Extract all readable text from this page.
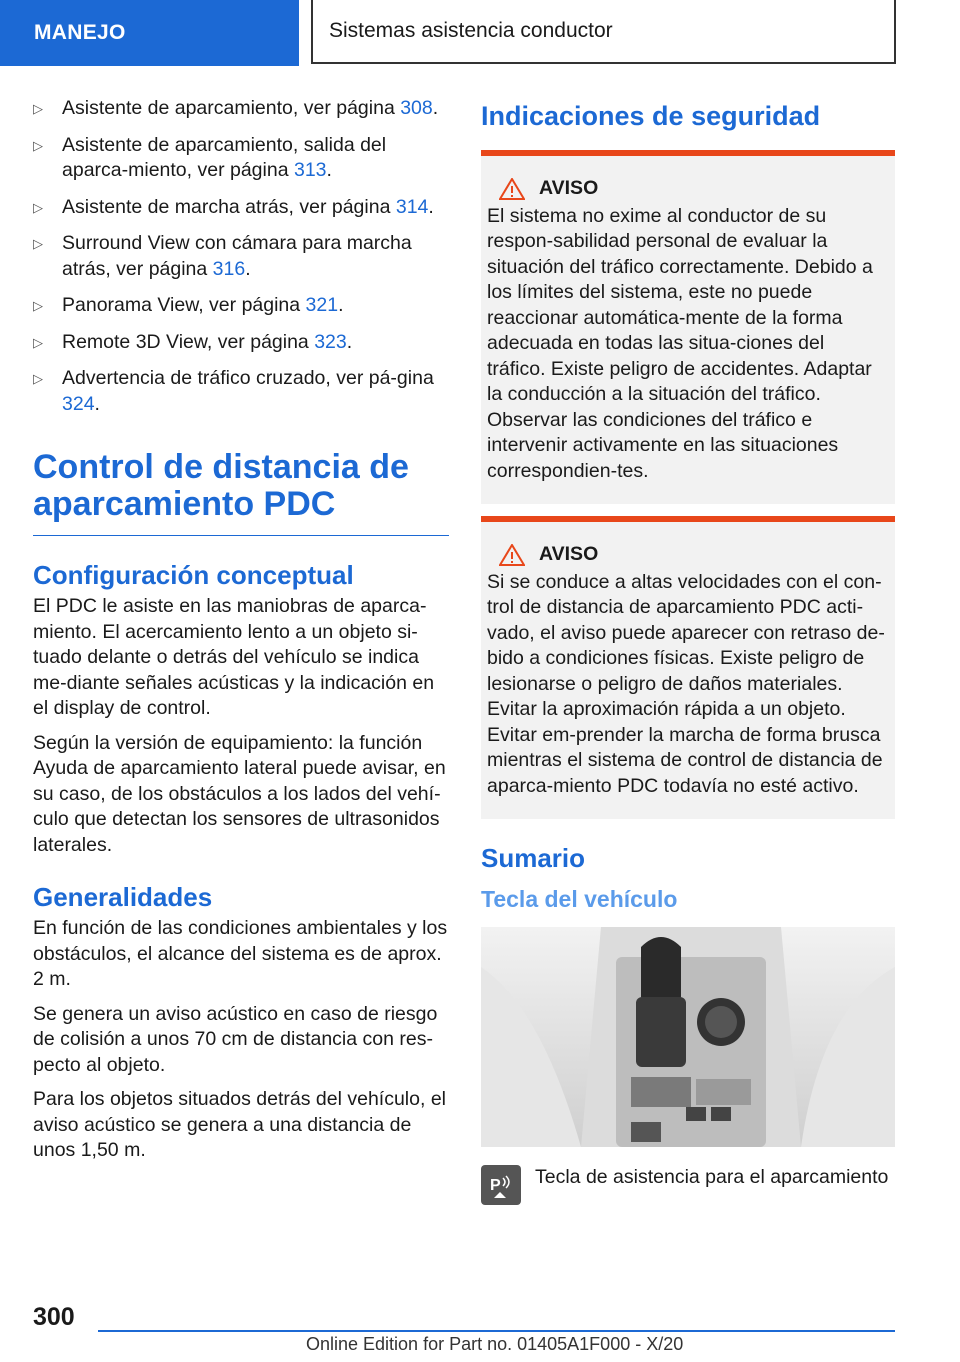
MANEJO	Sistemas asistencia conductor
▷ Asistente de aparcamiento, ver página 308.
▷ Asistente de aparcamiento, salida del aparca-miento, ver página 313.
▷ Asistente de marcha atrás, ver página 314.
▷ Surround View con cámara para marcha atrás, ver página 316.
▷ Panorama View, ver página 321.
▷ Remote 3D View, ver página 323.
▷ Advertencia de tráfico cruzado, ver pá-gina 324.
Control de distancia de aparcamiento PDC
Configuración conceptual

El PDC le asiste en las maniobras de aparca-miento. El acercamiento lento a un objeto si-tuado delante o detrás del vehículo se indica me-diante señales acústicas y la indicación en el display de control.

Según la versión de equipamiento: la función Ayuda de aparcamiento lateral puede avisar, en su caso, de los obstáculos a los lados del vehí-culo que detectan los sensores de ultrasonidos laterales.

Generalidades

En función de las condiciones ambientales y los obstáculos, el alcance del sistema es de aprox. 2 m.

Se genera un aviso acústico en caso de riesgo de colisión a unos 70 cm de distancia con res-pecto al objeto.

Para los objetos situados detrás del vehículo, el aviso acústico se genera a una distancia de unos 1,50 m.

Indicaciones de seguridad
AVISO

El sistema no exime al conductor de su respon-sabilidad personal de evaluar la situación del tráfico correctamente. Debido a los límites del sistema, este no puede reaccionar automática-mente de la forma adecuada en todas las situa-ciones del tráfico. Existe peligro de accidentes. Adaptar la conducción a la situación del tráfico. Observar las condiciones del tráfico e intervenir activamente en las situaciones correspondien-tes.

AVISO

Si se conduce a altas velocidades con el con-trol de distancia de aparcamiento PDC acti-vado, el aviso puede aparecer con retraso de-bido a condiciones físicas. Existe peligro de lesionarse o peligro de daños materiales. Evitar la aproximación rápida a un objeto. Evitar em-prender la marcha de forma brusca mientras el sistema de control de distancia de aparca-miento PDC todavía no esté activo.

Sumario
Tecla del vehículo
P Tecla de asistencia para el aparcamiento
300
Online Edition for Part no. 01405A1F000 - X/20
